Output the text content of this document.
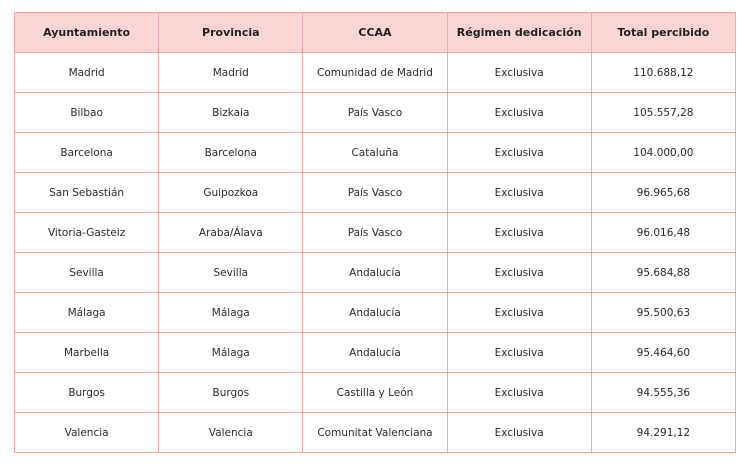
Ayuntamiento	Provincia	CCAA	Régimen dedicación	Total percibido
Madrid	Madrid	Comunidad de Madrid	Exclusiva	110.688,12
Bilbao	Bizkaia	País Vasco	Exclusiva	105.557,28
Barcelona	Barcelona	Cataluña	Exclusiva	104.000,00
San Sebastián	Guipozkoa	País Vasco	Exclusiva	96.965,68
Vitoria-Gasteiz	Araba/Álava	País Vasco	Exclusiva	96.016,48
Sevilla	Sevilla	Andalucía	Exclusiva	95.684,88
Málaga	Málaga	Andalucía	Exclusiva	95.500,63
Marbella	Málaga	Andalucía	Exclusiva	95.464,60
Burgos	Burgos	Castilla y León	Exclusiva	94.555,36
Valencia	Valencia	Comunitat Valenciana	Exclusiva	94.291,12
